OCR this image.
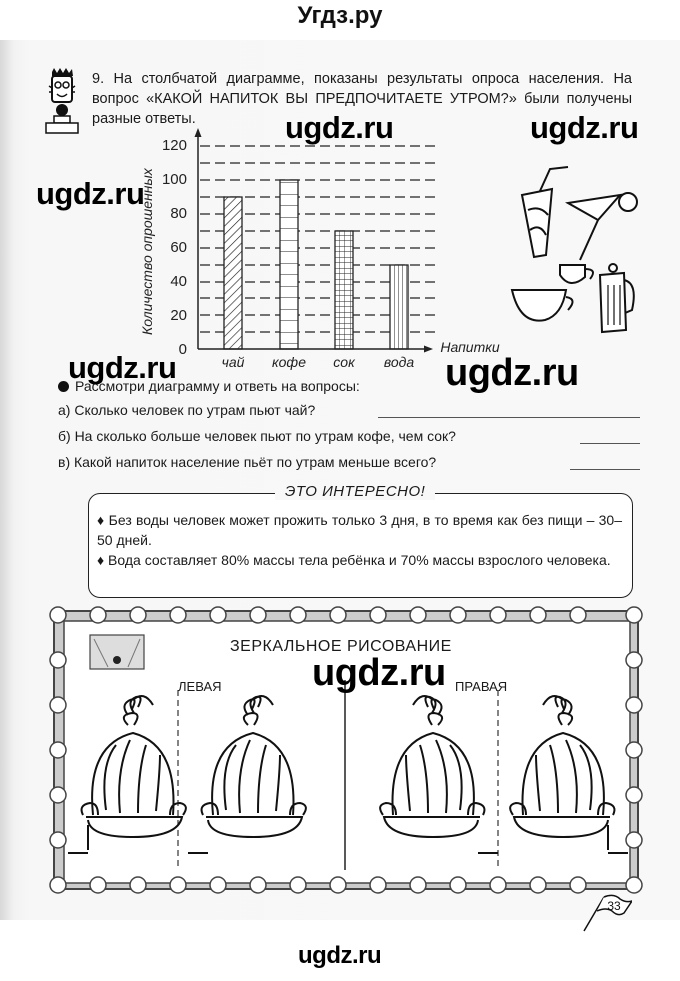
Угдз.ру
9. На столбчатой диаграмме, показаны результаты опроса населения. На вопрос «КАКОЙ НАПИТОК ВЫ ПРЕДПОЧИТАЕТЕ УТРОМ?» были получены разные ответы.
120
100
80
60
40
20
0
Количество опрошенных
чай кофе сок вода
Напитки
Рассмотри диаграмму и ответь на вопросы:
а) Сколько человек по утрам пьют чай?
б) На сколько больше человек пьют по утрам кофе, чем сок?
в) Какой напиток население пьёт по утрам меньше всего?
ЭТО ИНТЕРЕСНО!
♦ Без воды человек может прожить только 3 дня, в то время как без пищи – 30–50 дней.
♦ Вода составляет 80% массы тела ребёнка и 70% массы взрослого человека.
ЗЕРКАЛЬНОЕ РИСОВАНИЕ
ЛЕВАЯ	ПРАВАЯ
33
ugdz.ru	ugdz.ru
ugdz.ru
ugdz.ru	ugdz.ru
ugdz.ru
ugdz.ru
